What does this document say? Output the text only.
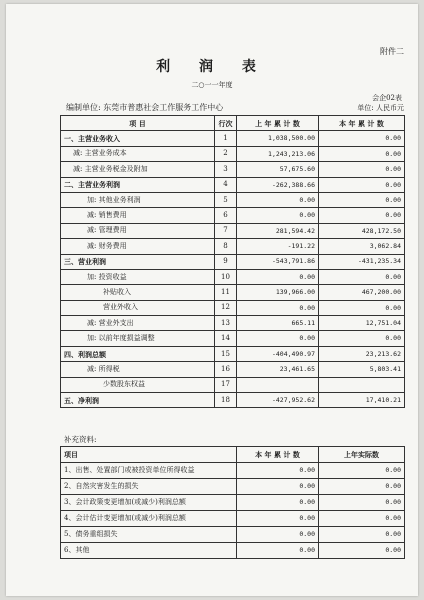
附件二
利 润 表
二○一一年度
会企02表
编制单位: 东莞市普惠社会工作服务工作中心	单位: 人民币元
项 目	行次	上 年 累 计 数	本 年 累 计 数
一、主营业务收入	1	1,038,500.00	0.00
减: 主营业务成本	2	1,243,213.06	0.00
减: 主营业务税金及附加	3	57,675.60	0.00
二、主营业务利润	4	-262,388.66	0.00
加: 其他业务利润	5	0.00	0.00
减: 销售费用	6	0.00	0.00
减: 管理费用	7	281,594.42	428,172.50
减: 财务费用	8	-191.22	3,062.84
三、营业利润	9	-543,791.86	-431,235.34
加: 投资收益	10	0.00	0.00
补贴收入	11	139,966.00	467,200.00
营业外收入	12	0.00	0.00
减: 营业外支出	13	665.11	12,751.04
加: 以前年度损益调整	14	0.00	0.00
四、利润总额	15	-404,490.97	23,213.62
减: 所得税	16	23,461.65	5,803.41
少数股东权益	17		
五、净利润	18	-427,952.62	17,410.21
补充资料:
项目	本 年 累 计 数	上年实际数
1、出售、处置部门或被投资单位所得收益	0.00	0.00
2、自然灾害发生的损失	0.00	0.00
3、会计政策变更增加(或减少)利润总额	0.00	0.00
4、会计估计变更增加(或减少)利润总额	0.00	0.00
5、债务重组损失	0.00	0.00
6、其他	0.00	0.00
